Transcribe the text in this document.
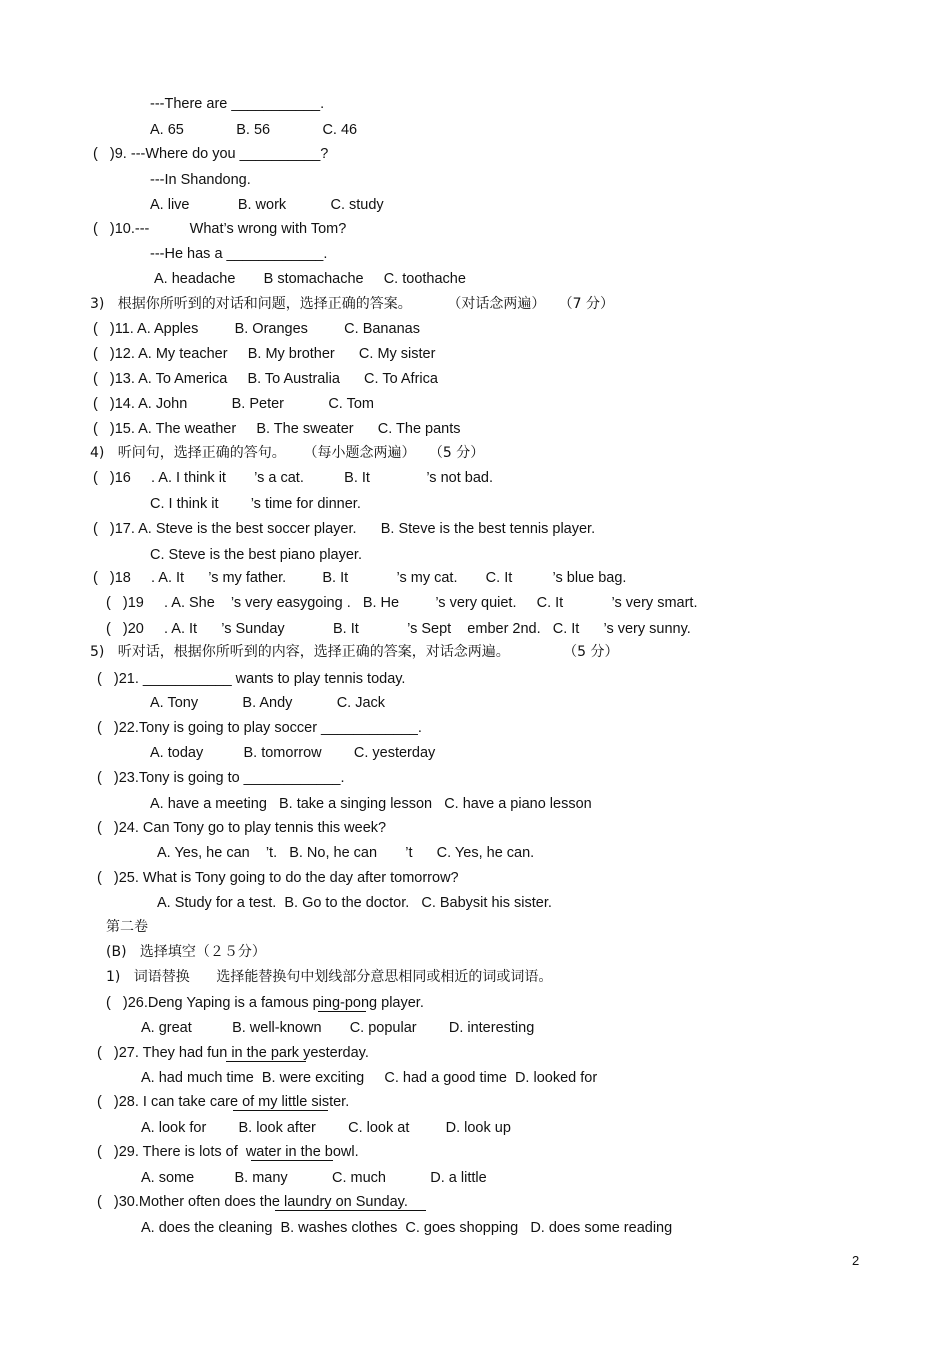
---There are ___________.
A. 65             B. 56             C. 46
(   )9. ---Where do you __________?
---In Shandong.
A. live            B. work           C. study
(   )10.---          What’s wrong with Tom?
---He has a ____________.
A. headache       B stomachache     C. toothache
3)   根据你所听到的对话和问题，选择正确的答案。        （对话念两遍）   （7 分）
(   )11. A. Apples         B. Oranges         C. Bananas
(   )12. A. My teacher     B. My brother      C. My sister
(   )13. A. To America     B. To Australia      C. To Africa
(   )14. A. John           B. Peter           C. Tom
(   )15. A. The weather     B. The sweater      C. The pants
4)   听问句，选择正确的答句。    （每小题念两遍）   （5 分）
(   )16     . A. I think it       ’s a cat.          B. It              ’s not bad.
C. I think it        ’s time for dinner.
(   )17. A. Steve is the best soccer player.      B. Steve is the best tennis player.
C. Steve is the best piano player.
(   )18     . A. It      ’s my father.         B. It            ’s my cat.       C. It          ’s blue bag.
(   )19     . A. She    ’s very easygoing .   B. He         ’s very quiet.     C. It            ’s very smart.
(   )20     . A. It      ’s Sunday            B. It            ’s Sept    ember 2nd.   C. It      ’s very sunny.
5)   听对话，根据你所听到的内容，选择正确的答案，对话念两遍。            （5 分）
(   )21. ___________ wants to play tennis today.
A. Tony           B. Andy           C. Jack
(   )22.Tony is going to play soccer ____________.
A. today          B. tomorrow        C. yesterday
(   )23.Tony is going to ____________.
A. have a meeting   B. take a singing lesson   C. have a piano lesson
(   )24. Can Tony go to play tennis this week?
A. Yes, he can    ’t.   B. No, he can       ’t      C. Yes, he can.
(   )25. What is Tony going to do the day after tomorrow?
A. Study for a test.  B. Go to the doctor.   C. Babysit his sister.
第二卷
(B)   选择填空（２５分）
1)   词语替换      选择能替换句中划线部分意思相同或相近的词或词语。
(   )26.Deng Yaping is a famous ping-pong player.
A. great          B. well-known       C. popular        D. interesting
(   )27. They had fun in the park yesterday.
A. had much time  B. were exciting     C. had a good time  D. looked for
(   )28. I can take care of my little sister.
A. look for        B. look after        C. look at         D. look up
(   )29. There is lots of  water in the bowl.
A. some          B. many           C. much           D. a little
(   )30.Mother often does the laundry on Sunday.
A. does the cleaning  B. washes clothes  C. goes shopping   D. does some reading
2
